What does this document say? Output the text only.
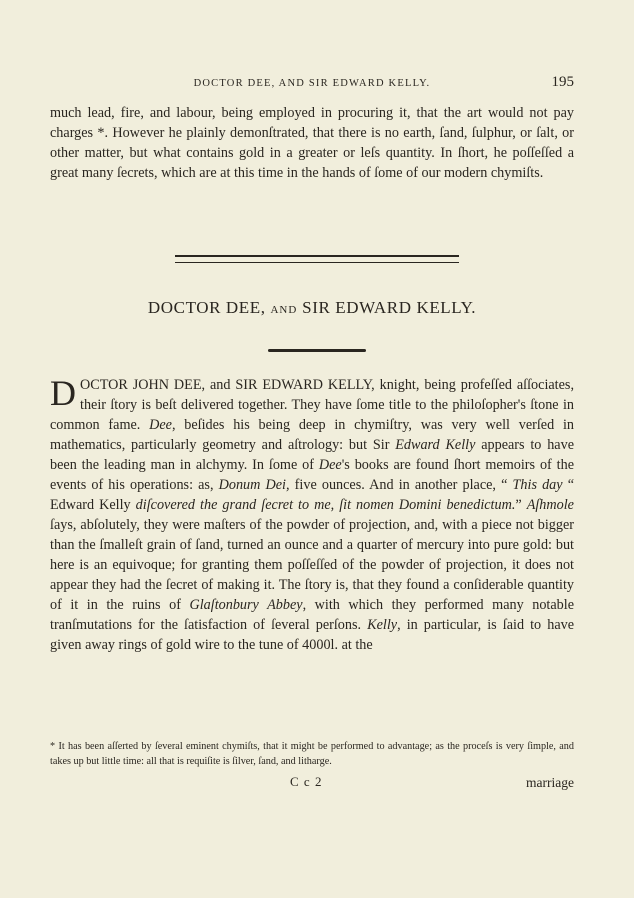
DOCTOR DEE, AND SIR EDWARD KELLY.	195
much lead, fire, and labour, being employed in procuring it, that the art would not pay charges *. However he plainly demonſtrated, that there is no earth, ſand, ſulphur, or ſalt, or other matter, but what contains gold in a greater or leſs quantity. In ſhort, he poſſeſſed a great many ſecrets, which are at this time in the hands of ſome of our modern chymiſts.
DOCTOR DEE, AND SIR EDWARD KELLY.
DOCTOR JOHN DEE, and SIR EDWARD KELLY, knight, being profeſſed aſſociates, their ſtory is beſt delivered together. They have ſome title to the philoſopher's ſtone in common fame. Dee, beſides his being deep in chymiſtry, was very well verſed in mathematics, particularly geometry and aſtrology: but Sir Edward Kelly appears to have been the leading man in alchymy. In ſome of Dee's books are found ſhort memoirs of the events of his operations: as, Donum Dei, five ounces. And in another place, “ This day “ Edward Kelly diſcovered the grand ſecret to me, ſit nomen Domini benedictum.” Aſhmole ſays, abſolutely, they were maſters of the powder of projection, and, with a piece not bigger than the ſmalleſt grain of ſand, turned an ounce and a quarter of mercury into pure gold: but here is an equivoque; for granting them poſſeſſed of the powder of projection, it does not appear they had the ſecret of making it. The ſtory is, that they found a conſiderable quantity of it in the ruins of Glaſtonbury Abbey, with which they performed many notable tranſmutations for the ſatisfaction of ſeveral perſons. Kelly, in particular, is ſaid to have given away rings of gold wire to the tune of 4000l. at the
* It has been aſſerted by ſeveral eminent chymiſts, that it might be performed to advantage; as the proceſs is very ſimple, and takes up but little time: all that is requiſite is ſilver, ſand, and litharge.
C c 2	marriage
